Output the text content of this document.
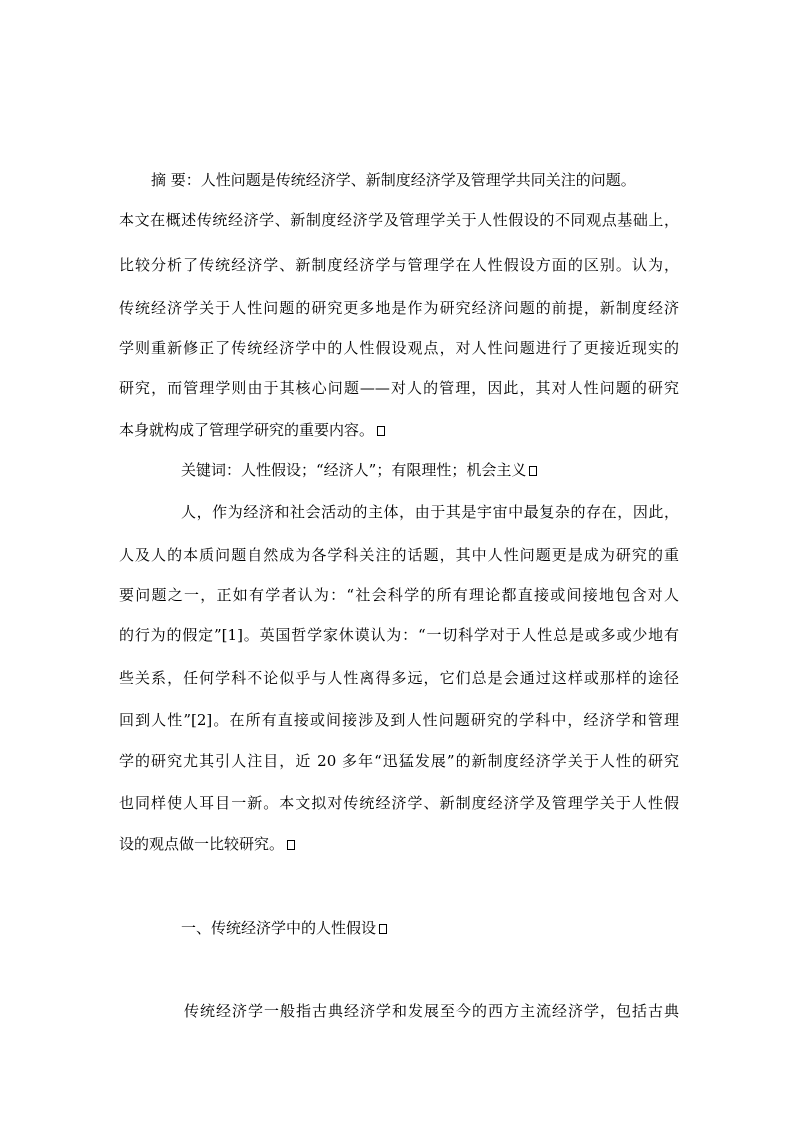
摘 要：人性问题是传统经济学、新制度经济学及管理学共同关注的问题。
本文在概述传统经济学、新制度经济学及管理学关于人性假设的不同观点基础上，
比较分析了传统经济学、新制度经济学与管理学在人性假设方面的区别。认为，
传统经济学关于人性问题的研究更多地是作为研究经济问题的前提，新制度经济
学则重新修正了传统经济学中的人性假设观点，对人性问题进行了更接近现实的
研究，而管理学则由于其核心问题——对人的管理，因此，其对人性问题的研究
本身就构成了管理学研究的重要内容。
关键词：人性假设；“经济人”；有限理性；机会主义
人，作为经济和社会活动的主体，由于其是宇宙中最复杂的存在，因此，
人及人的本质问题自然成为各学科关注的话题，其中人性问题更是成为研究的重
要问题之一，正如有学者认为：“社会科学的所有理论都直接或间接地包含对人
的行为的假定”[1]。英国哲学家休谟认为：“一切科学对于人性总是或多或少地有
些关系，任何学科不论似乎与人性离得多远，它们总是会通过这样或那样的途径
回到人性”[2]。在所有直接或间接涉及到人性问题研究的学科中，经济学和管理
学的研究尤其引人注目，近 20 多年“迅猛发展”的新制度经济学关于人性的研究
也同样使人耳目一新。本文拟对传统经济学、新制度经济学及管理学关于人性假
设的观点做一比较研究。
一、传统经济学中的人性假设
传统经济学一般指古典经济学和发展至今的西方主流经济学，包括古典
